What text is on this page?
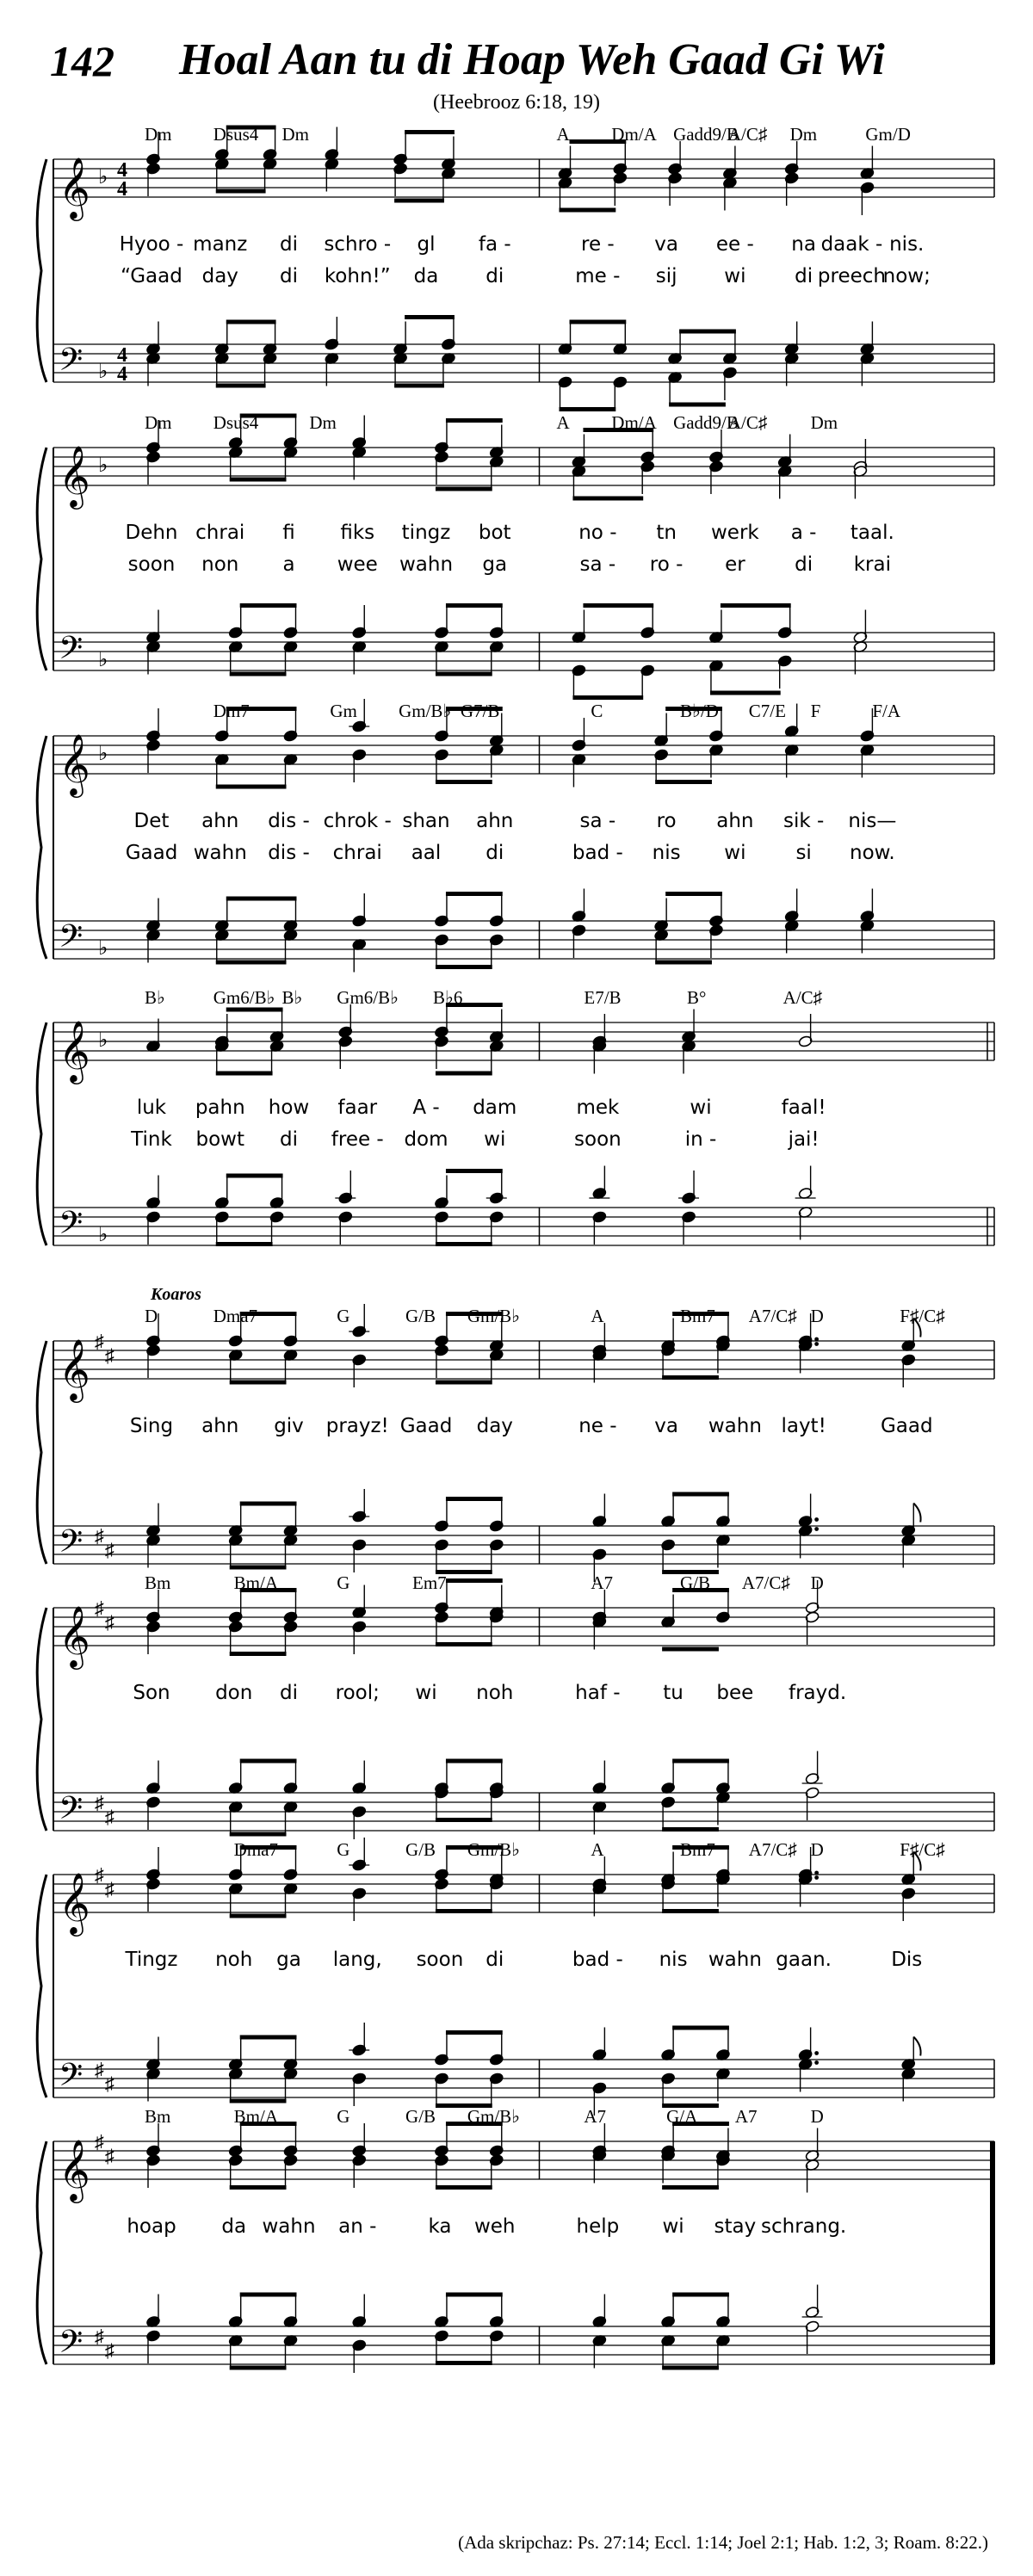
142 Hoal Aan tu di Hoap Weh Gaad Gi Wi
(Heebrooz 6:18, 19)
𝄞
𝄢
♭
♭
4
4
4
4
Dm Dsus4 Dm	A Dm/A Gadd9/B
A/C♯ Dm	Gm/D
Hyoo - manz di schro - gl fa -	re - va ee - na daak - nis.
“Gaad day di kohn!” da di	me - sij wi di preech
now;
𝄞
𝄢
♭
♭
Dm Dsus4	Dm	A Dm/A Gadd9/B
A/C♯ Dm
Dehn chrai fi fiks tingz bot	no - tn werk a - taal.
soon non a wee wahn ga	sa - ro - er di krai
𝄞
𝄢
♭
♭
Dm7	Gm Gm/B♭ G7/B	C	B♭/D C7/E F	F/A
Det ahn dis - chrok - shan ahn	sa - ro ahn sik - nis—
Gaad wahn dis - chrai aal di	bad - nis wi	si now.
𝄞
𝄢
♭
♭
B♭	Gm6/B♭ B♭ Gm6/B♭ B♭6	E7/B	B°	A/C♯
luk pahn how faar A - dam	mek	wi	faal!
Tink bowt di free - dom wi	soon	in -	jai!
𝄞
𝄢
♯
♯
♯
♯
Koaros
D	Dma7	G	G/B Gm/B♭	A	Bm7 A7/C♯ D	F♯/C♯
Sing ahn giv prayz! Gaad day	ne - va wahn layt!	Gaad
𝄞
𝄢
♯
♯
♯
♯
Bm	Bm/A	G	Em7	A7	G/B A7/C♯ D
Son don di rool; wi noh	haf - tu bee frayd.
𝄞
𝄢
♯
♯
♯
♯
Dma7	G	G/B Gm/B♭	A	Bm7 A7/C♯ D	F♯/C♯
Tingz noh ga lang, soon di	bad - nis wahn gaan.	Dis
𝄞
𝄢
♯
♯
♯
♯
Bm	Bm/A	G	G/B Gm/B♭	A7	G/A A7	D
hoap da wahn an -	ka weh	help wi stay schrang.
(Ada skripchaz: Ps. 27:14; Eccl. 1:14; Joel 2:1; Hab. 1:2, 3; Roam. 8:22.)
